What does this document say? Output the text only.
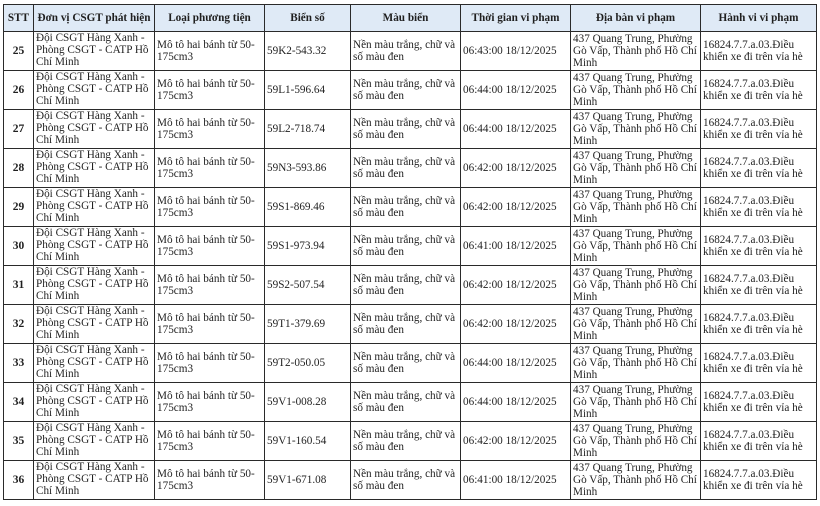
STT	Đơn vị CSGT phát hiện	Loại phương tiện	Biển số	Màu biển	Thời gian vi phạm	Địa bàn vi phạm	Hành vi vi phạm
25	Đội CSGT Hàng Xanh - Phòng CSGT - CATP Hồ Chí Minh	Mô tô hai bánh từ 50-175cm3	59K2-543.32	Nền màu trắng, chữ và số màu đen	06:43:00 18/12/2025	437 Quang Trung, Phường Gò Vấp, Thành phố Hồ Chí Minh	16824.7.7.a.03.Điều khiển xe đi trên vỉa hè
26	Đội CSGT Hàng Xanh - Phòng CSGT - CATP Hồ Chí Minh	Mô tô hai bánh từ 50-175cm3	59L1-596.64	Nền màu trắng, chữ và số màu đen	06:44:00 18/12/2025	437 Quang Trung, Phường Gò Vấp, Thành phố Hồ Chí Minh	16824.7.7.a.03.Điều khiển xe đi trên vỉa hè
27	Đội CSGT Hàng Xanh - Phòng CSGT - CATP Hồ Chí Minh	Mô tô hai bánh từ 50-175cm3	59L2-718.74	Nền màu trắng, chữ và số màu đen	06:44:00 18/12/2025	437 Quang Trung, Phường Gò Vấp, Thành phố Hồ Chí Minh	16824.7.7.a.03.Điều khiển xe đi trên vỉa hè
28	Đội CSGT Hàng Xanh - Phòng CSGT - CATP Hồ Chí Minh	Mô tô hai bánh từ 50-175cm3	59N3-593.86	Nền màu trắng, chữ và số màu đen	06:42:00 18/12/2025	437 Quang Trung, Phường Gò Vấp, Thành phố Hồ Chí Minh	16824.7.7.a.03.Điều khiển xe đi trên vỉa hè
29	Đội CSGT Hàng Xanh - Phòng CSGT - CATP Hồ Chí Minh	Mô tô hai bánh từ 50-175cm3	59S1-869.46	Nền màu trắng, chữ và số màu đen	06:42:00 18/12/2025	437 Quang Trung, Phường Gò Vấp, Thành phố Hồ Chí Minh	16824.7.7.a.03.Điều khiển xe đi trên vỉa hè
30	Đội CSGT Hàng Xanh - Phòng CSGT - CATP Hồ Chí Minh	Mô tô hai bánh từ 50-175cm3	59S1-973.94	Nền màu trắng, chữ và số màu đen	06:41:00 18/12/2025	437 Quang Trung, Phường Gò Vấp, Thành phố Hồ Chí Minh	16824.7.7.a.03.Điều khiển xe đi trên vỉa hè
31	Đội CSGT Hàng Xanh - Phòng CSGT - CATP Hồ Chí Minh	Mô tô hai bánh từ 50-175cm3	59S2-507.54	Nền màu trắng, chữ và số màu đen	06:42:00 18/12/2025	437 Quang Trung, Phường Gò Vấp, Thành phố Hồ Chí Minh	16824.7.7.a.03.Điều khiển xe đi trên vỉa hè
32	Đội CSGT Hàng Xanh - Phòng CSGT - CATP Hồ Chí Minh	Mô tô hai bánh từ 50-175cm3	59T1-379.69	Nền màu trắng, chữ và số màu đen	06:42:00 18/12/2025	437 Quang Trung, Phường Gò Vấp, Thành phố Hồ Chí Minh	16824.7.7.a.03.Điều khiển xe đi trên vỉa hè
33	Đội CSGT Hàng Xanh - Phòng CSGT - CATP Hồ Chí Minh	Mô tô hai bánh từ 50-175cm3	59T2-050.05	Nền màu trắng, chữ và số màu đen	06:44:00 18/12/2025	437 Quang Trung, Phường Gò Vấp, Thành phố Hồ Chí Minh	16824.7.7.a.03.Điều khiển xe đi trên vỉa hè
34	Đội CSGT Hàng Xanh - Phòng CSGT - CATP Hồ Chí Minh	Mô tô hai bánh từ 50-175cm3	59V1-008.28	Nền màu trắng, chữ và số màu đen	06:44:00 18/12/2025	437 Quang Trung, Phường Gò Vấp, Thành phố Hồ Chí Minh	16824.7.7.a.03.Điều khiển xe đi trên vỉa hè
35	Đội CSGT Hàng Xanh - Phòng CSGT - CATP Hồ Chí Minh	Mô tô hai bánh từ 50-175cm3	59V1-160.54	Nền màu trắng, chữ và số màu đen	06:42:00 18/12/2025	437 Quang Trung, Phường Gò Vấp, Thành phố Hồ Chí Minh	16824.7.7.a.03.Điều khiển xe đi trên vỉa hè
36	Đội CSGT Hàng Xanh - Phòng CSGT - CATP Hồ Chí Minh	Mô tô hai bánh từ 50-175cm3	59V1-671.08	Nền màu trắng, chữ và số màu đen	06:41:00 18/12/2025	437 Quang Trung, Phường Gò Vấp, Thành phố Hồ Chí Minh	16824.7.7.a.03.Điều khiển xe đi trên vỉa hè
